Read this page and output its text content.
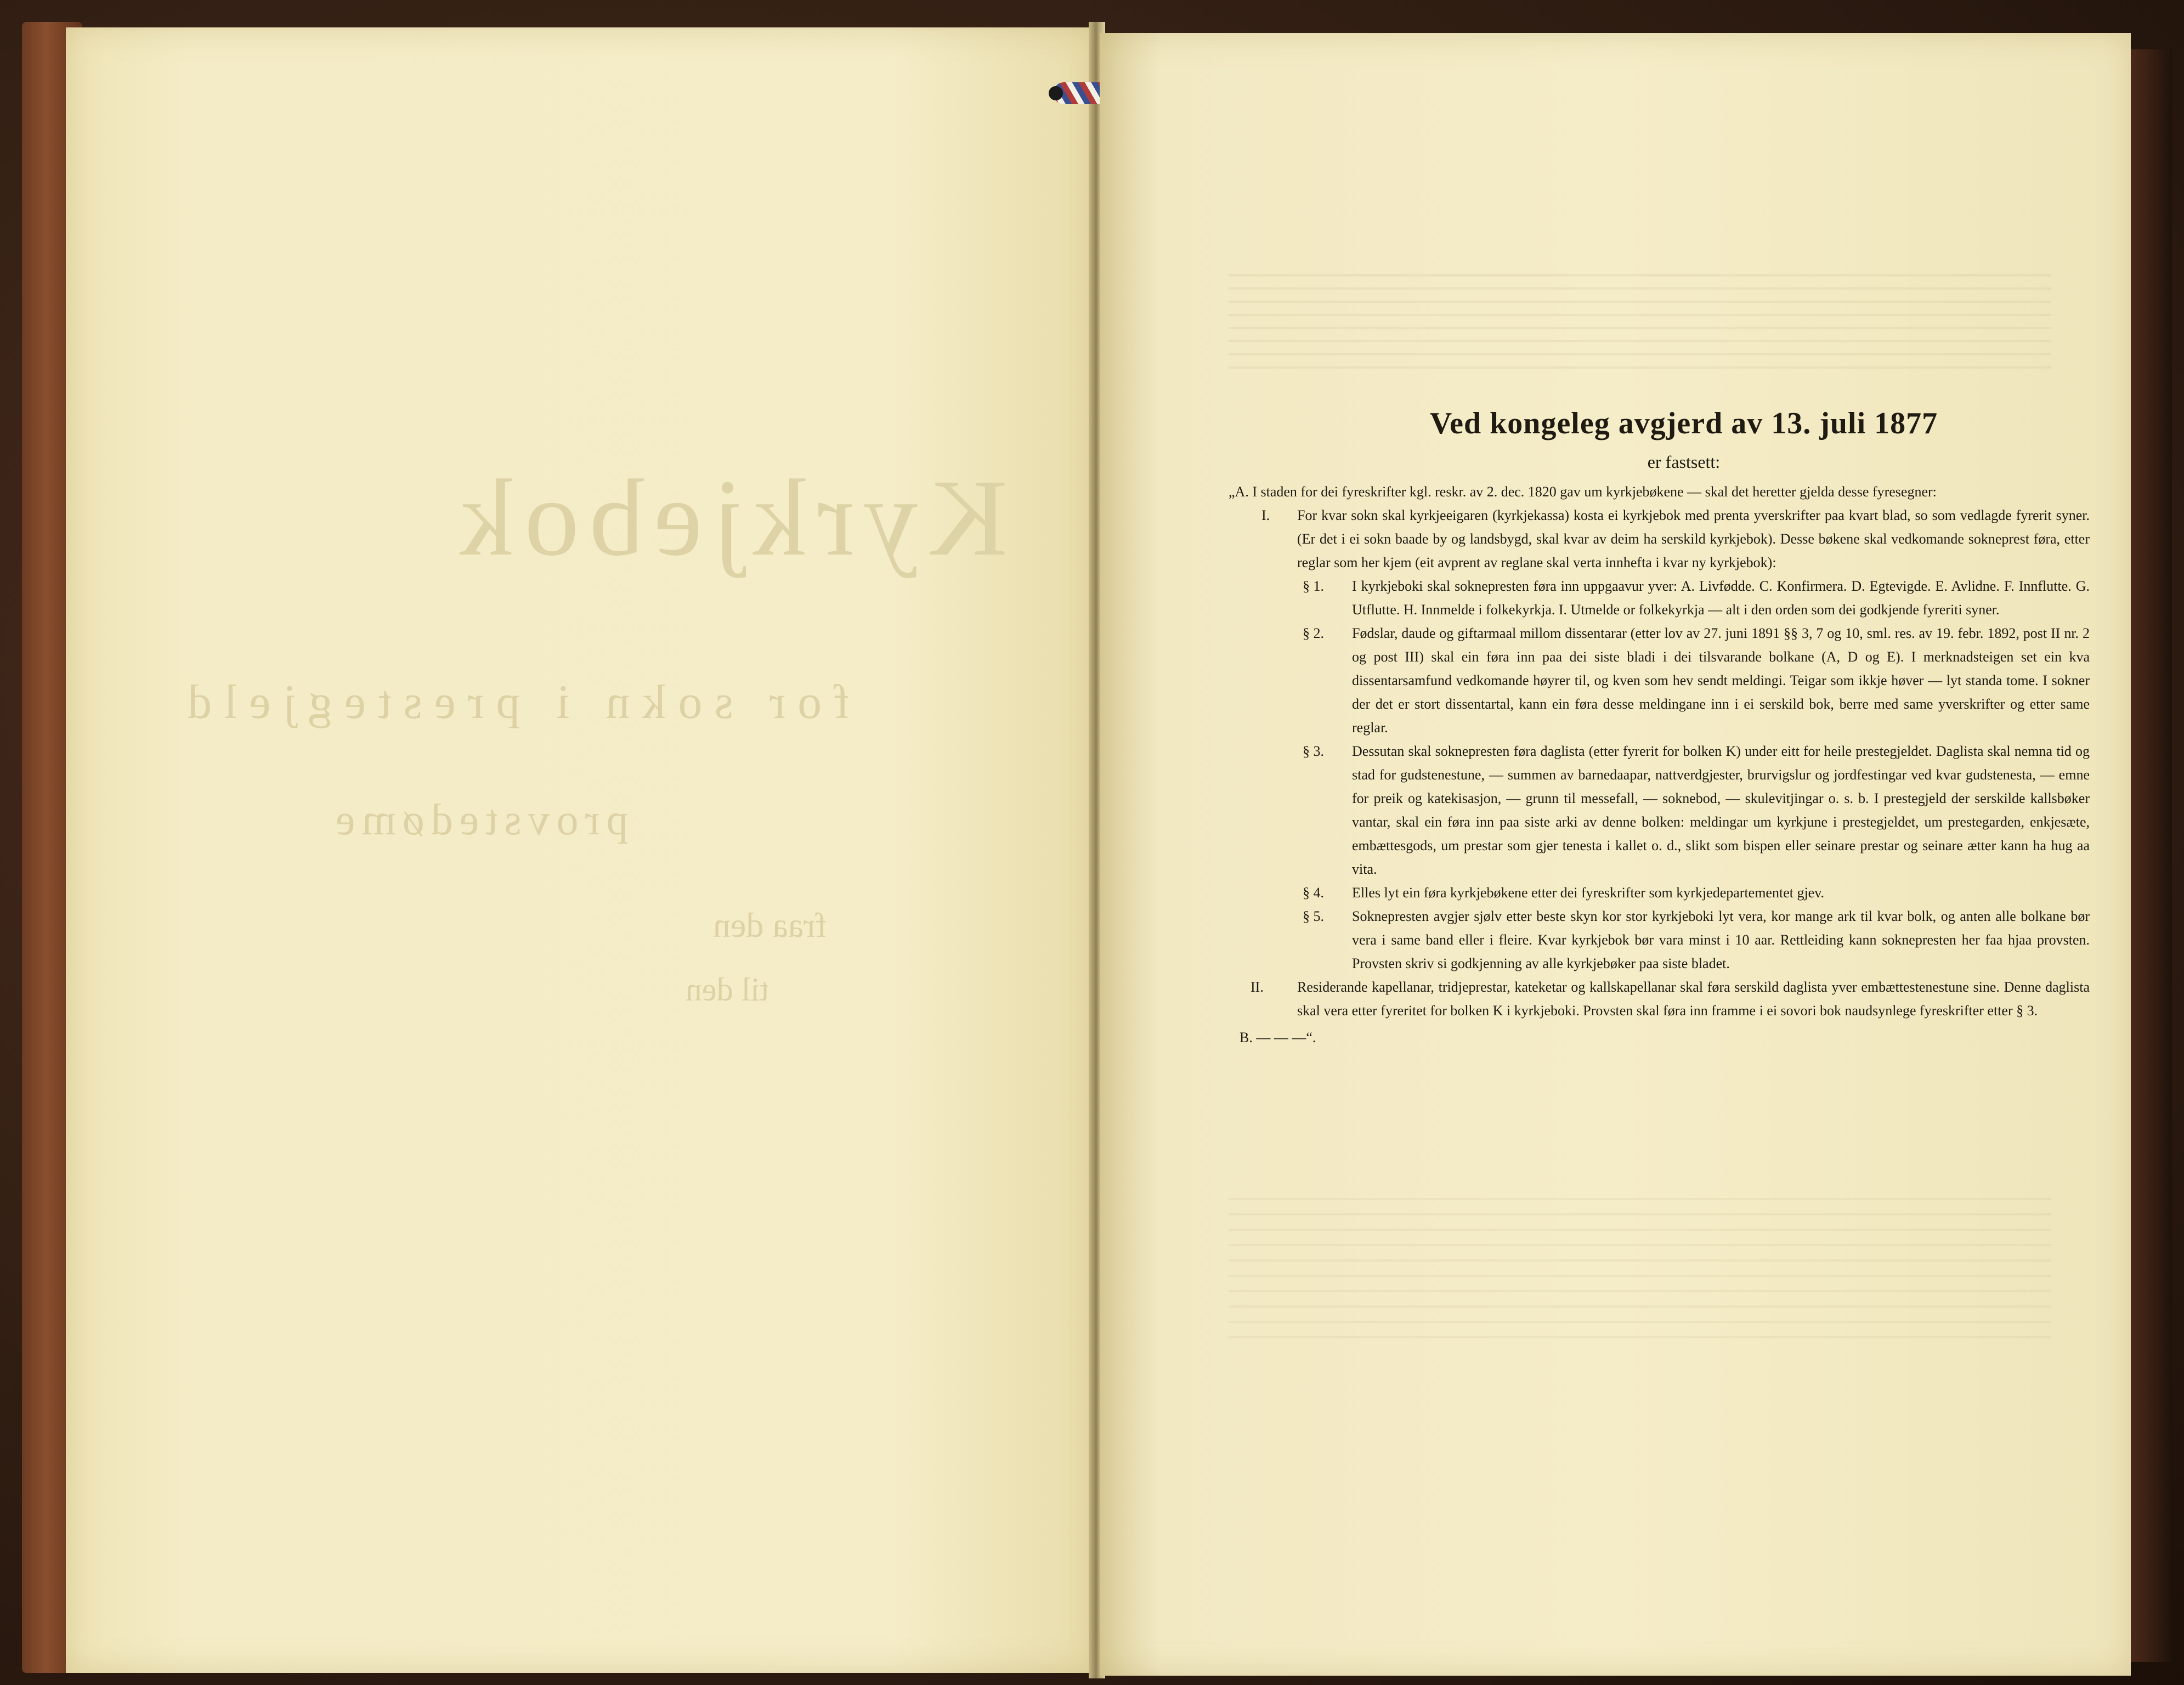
Kyrkjebok
for sokn i prestegjeld
provstedøme
fraa den
til den
Ved kongeleg avgjerd av 13. juli 1877
er fastsett:
„A. I staden for dei fyreskrifter kgl. reskr. av 2. dec. 1820 gav um kyrkjebøkene — skal det heretter gjelda desse fyresegner:
I. For kvar sokn skal kyrkjeeigaren (kyrkjekassa) kosta ei kyrkjebok med prenta yverskrifter paa kvart blad, so som vedlagde fyrerit syner. (Er det i ei sokn baade by og landsbygd, skal kvar av deim ha serskild kyrkjebok). Desse bøkene skal vedkomande sokneprest føra, etter reglar som her kjem (eit avprent av reglane skal verta innhefta i kvar ny kyrkjebok):
§ 1. I kyrkjeboki skal soknepresten føra inn uppgaavur yver: A. Livfødde. C. Konfirmera. D. Egtevigde. E. Avlidne. F. Innflutte. G. Utflutte. H. Innmelde i folkekyrkja. I. Utmelde or folkekyrkja — alt i den orden som dei godkjende fyreriti syner.
§ 2. Fødslar, daude og giftarmaal millom dissentarar (etter lov av 27. juni 1891 §§ 3, 7 og 10, sml. res. av 19. febr. 1892, post II nr. 2 og post III) skal ein føra inn paa dei siste bladi i dei tilsvarande bolkane (A, D og E). I merknadsteigen set ein kva dissentarsamfund vedkomande høyrer til, og kven som hev sendt meldingi. Teigar som ikkje høver — lyt standa tome. I sokner der det er stort dissentartal, kann ein føra desse meldingane inn i ei serskild bok, berre med same yverskrifter og etter same reglar.
§ 3. Dessutan skal soknepresten føra daglista (etter fyrerit for bolken K) under eitt for heile prestegjeldet. Daglista skal nemna tid og stad for gudstenestune, — summen av barnedaapar, nattverdgjester, brurvigslur og jordfestingar ved kvar gudstenesta, — emne for preik og katekisasjon, — grunn til messefall, — soknebod, — skulevitjingar o. s. b. I prestegjeld der serskilde kallsbøker vantar, skal ein føra inn paa siste arki av denne bolken: meldingar um kyrkjune i prestegjeldet, um prestegarden, enkjesæte, embættesgods, um prestar som gjer tenesta i kallet o. d., slikt som bispen eller seinare prestar og seinare ætter kann ha hug aa vita.
§ 4. Elles lyt ein føra kyrkjebøkene etter dei fyreskrifter som kyrkjedepartementet gjev.
§ 5. Soknepresten avgjer sjølv etter beste skyn kor stor kyrkjeboki lyt vera, kor mange ark til kvar bolk, og anten alle bolkane bør vera i same band eller i fleire. Kvar kyrkjebok bør vara minst i 10 aar. Rettleiding kann soknepresten her faa hjaa provsten. Provsten skriv si godkjenning av alle kyrkjebøker paa siste bladet.
II. Residerande kapellanar, tridjeprestar, kateketar og kallskapellanar skal føra serskild daglista yver embættestenestune sine. Denne daglista skal vera etter fyreritet for bolken K i kyrkjeboki. Provsten skal føra inn framme i ei sovori bok naudsynlege fyreskrifter etter § 3.
B. — — —“.
